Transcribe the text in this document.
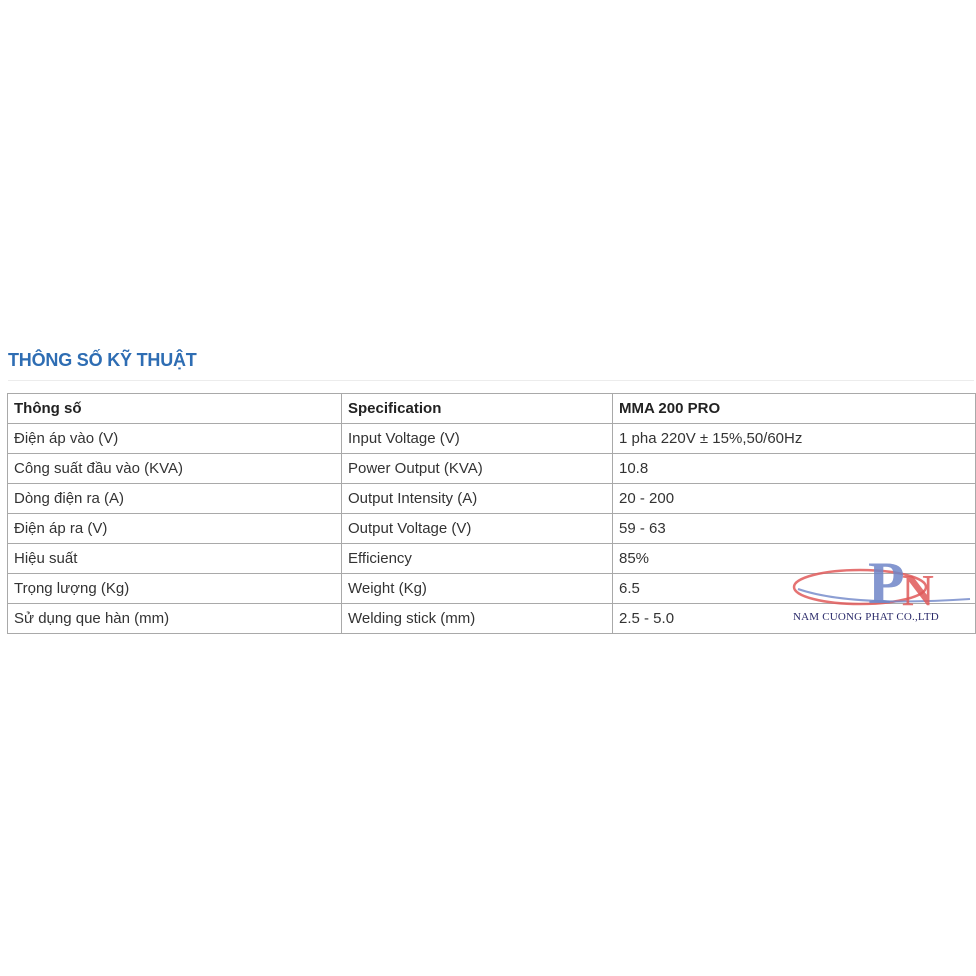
THÔNG SỐ KỸ THUẬT
Thông số	Specification	MMA 200 PRO
Điện áp vào (V)	Input Voltage (V)	1 pha 220V ± 15%,50/60Hz
Công suất đầu vào (KVA)	Power Output (KVA)	10.8
Dòng điện ra (A)	Output Intensity (A)	20 - 200
Điện áp ra (V)	Output Voltage (V)	59 - 63
Hiệu suất	Efficiency	85%
Trọng lượng (Kg)	Weight (Kg)	6.5
Sử dụng que hàn (mm)	Welding stick (mm)	2.5 - 5.0
P
N
NAM CUONG PHAT CO.,LTD
